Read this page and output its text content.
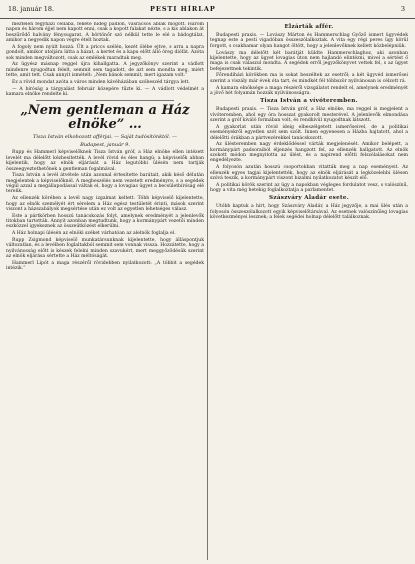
18. január 18.	PESTI HÍRLAP	3

meztelen fegyházi cellába, fekete hideg padlón, vasrácsos ablak mögött. Három napon és három éjjel nem kapott enni, csak a kopott falakat nézte, s a kis ablakon át beszűrődő halvány fénysugarat. A börtönőr szó nélkül tette le elé a bádogtálat, amikor a negyedik napon végre ételt hoztak.

A fogoly nem nyúlt hozzá. Ült a priccs szélén, kezét ölébe ejtve, s arra a napra gondolt, amikor utoljára látta a házat, a kertet és a kapu előtt álló öreg diófát. Azóta sok minden megváltozott, csak az emlékek maradtak meg.

Az ügyész másnap reggel újra kihallgatta. A jegyzőkönyv szerint a vádlott mindenre nyugodtan felelt, semmit sem tagadott, de azt sem mondta meg, miért tette, amit tett. Csak annyit ismételt: „Nem bánok semmit, mert igazam volt.”

Ez a rövid mondat azóta a város minden kávéházában szóbeszéd tárgya lett.

— A bíróság a tárgyalást február közepére tűzte ki. — A vádlott védelmét a kamara elnöke rendelte ki.

„Nem gentleman a Ház elnöke” …
Tisza István elkobozott afférjai. — Saját tudósítónktól. —
Budapest, január 9.

Rupp és Hammerl képviselőknek Tisza István gróf, a Ház elnöke ellen intézett levelét ma délelőtt kézbesítették. A levél rövid és éles hangú; a képviselők abban kijelentik, hogy az elnök eljárását a Ház legutóbbi ülésén nem tartják összeegyeztethetőnek a gentleman fogalmával.

Tisza István a levél átvétele után azonnal értesítette barátait, akik késő délután megjelentek a képviselőknél. A megbeszélés nem vezetett eredményre, s a segédek végül azzal a megállapodással váltak el, hogy a lovagias ügyet a becsületbíróság elé terelik.

Az ellenzék körében a levél nagy izgalmat keltett. Több képviselő kijelentette, hogy az elnök személyét ért sérelem a Ház egész testületét érinti, mások szerint viszont a házszabályok megsértése után ez volt az egyetlen lehetséges válasz.

Este a pártkörben hosszú tanácskozás folyt, amelynek eredményét a jelenlevők titokban tartották. Annyit azonban megtudtunk, hogy a kormánypárt vezetői minden eszközzel igyekeznek az összeütközést elkerülni.

A Ház holnapi ülésén az elnöki széket várhatóan az alelnök foglalja el.

Rupp Zsigmond képviselő munkatársunknak kijelentette, hogy álláspontjuk változatlan, és a levélben foglaltakból semmit sem vonnak vissza. Hozzátette, hogy a nyilvánosság előtt is készek felelni minden szavukért, mert meggyőződésük szerint az elnök eljárása sértette a Ház méltóságát.

Hammerl Lipót a maga részéről rövidebben nyilatkozott: „A többit a segédek intézik.”

Elzárták affér.

Budapesti praxis. — Lovászy Márton és Hammerschlag Győző ismert ügyvédek tegnap este a pesti vigadóban összeszólalkoztak. A vita egy régi peres ügy körül forgott, s csakhamar olyan hangot öltött, hogy a jelenlevőknek kellett közbelépniük.

Lovászy ma délelőtt két barátját küldte Hammerschlaghoz, aki azonban kijelentette, hogy az ügyet lovagias úton nem hajlandó elintézni, mivel a sértést ő maga is csak válaszul mondta. A segédek erről jegyzőkönyvet vettek fel, s az ügyet befejezettnek tekintik.

Főrendiházi körökben ma is sokat beszéltek az esetről; a két ügyvéd ismerősei szerint a viszály már évek óta tart, és mindkét fél többször nyilvánosan is célzott rá.

A kamara elnöksége a maga részéről vizsgálatot rendelt el, amelynek eredményét a jövő hét folyamán hozzák nyilvánosságra.

Tisza István a vívóteremben.

Budapesti praxis. — Tisza István gróf, a Ház elnöke, ma reggel is megjelent a vívóteremben, ahol egy óra hosszat gyakorolt mesterével. A jelenlevők elmondása szerint a gróf kiváló formában volt, és rendkívül nyugodtnak látszott.

A gyakorlat után rövid ideig elbeszélgetett ismerőseivel, de a politikai eseményekről egyetlen szót sem szólt. Innen egyenesen a Házba hajtatott, ahol a délelőtti órákban a pártvezérekkel tanácskozott.

Az ülésteremben nagy érdeklődéssel várták megjelenését. Amikor belépett, a kormánypárt padsoraiból éljenzés hangzott fel, az ellenzék hallgatott. Az elnök szokott módon megnyitotta az ülést, és a napirend előtti felszólalásokat nem engedélyezte.

A folyosón azután hosszú csoportokban vitatták meg a nap eseményeit. Az ellenzék egyes tagjai kijelentették, hogy az elnök eljárását a legközelebbi ülésen szóvá teszik, a kormánypárt viszont bizalmi nyilatkozatot készít elő.

A politikai körök szerint az ügy a napokban végleges fordulatot vesz, s valószínű, hogy a vita még hetekig foglalkoztatja a parlamentet.

Szászváry Aladár esete.

Utóbb kaptuk a hírt, hogy Szászváry Aladár, a Ház jegyzője, a mai ülés után a folyosón összeszólalkozott egyik képviselőtársával. Az esetnek valószínűleg lovagias következményei lesznek; a felek segédei holnap délelőtt találkoznak.
